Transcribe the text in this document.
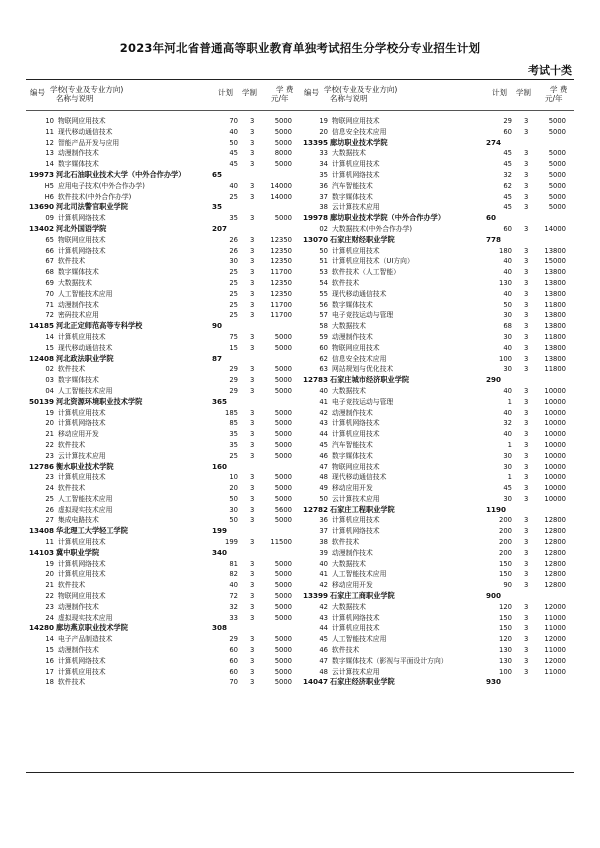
2023年河北省普通高等职业教育单独考试招生分学校分专业招生计划
考试十类
编号 学校(专业及专业方向)
名称与说明
计划 学制	学 费
元/年
10 物联网应用技术	70 3	5000
11 现代移动通信技术	40 3	5000
12 智能产品开发与应用	50 3	5000
13 动漫制作技术	45 3	8000
14 数字媒体技术	45 3	5000
19973 河北石油职业技术大学（中外合作办学）	65
H5 应用电子技术(中外合作办学)	40 3	14000
H6 软件技术(中外合作办学)	25 3	14000
13690 河北司法警官职业学院	35
09 计算机网络技术	35 3	5000
13402 河北外国语学院	207
65 物联网应用技术	26 3	12350
66 计算机网络技术	26 3	12350
67 软件技术	30 3	12350
68 数字媒体技术	25 3	11700
69 大数据技术	25 3	12350
70 人工智能技术应用	25 3	12350
71 动漫制作技术	25 3	11700
72 密码技术应用	25 3	11700
14185 河北正定师范高等专科学校	90
14 计算机应用技术	75 3	5000
15 现代移动通信技术	15 3	5000
12408 河北政法职业学院	87
02 软件技术	29 3	5000
03 数字媒体技术	29 3	5000
04 人工智能技术应用	29 3	5000
50139 河北资源环境职业技术学院	365
19 计算机应用技术	185 3	5000
20 计算机网络技术	85 3	5000
21 移动应用开发	35 3	5000
22 软件技术	35 3	5000
23 云计算技术应用	25 3	5000
12786 衡水职业技术学院	160
23 计算机应用技术	10 3	5000
24 软件技术	20 3	5000
25 人工智能技术应用	50 3	5000
26 虚拟现实技术应用	30 3	5600
27 集成电路技术	50 3	5000
13408 华北理工大学轻工学院	199
11 计算机应用技术	199 3	11500
14103 冀中职业学院	340
19 计算机网络技术	81 3	5000
20 计算机应用技术	82 3	5000
21 软件技术	40 3	5000
22 物联网应用技术	72 3	5000
23 动漫制作技术	32 3	5000
24 虚拟现实技术应用	33 3	5000
14280 廊坊燕京职业技术学院	308
14 电子产品制造技术	29 3	5000
15 动漫制作技术	60 3	5000
16 计算机网络技术	60 3	5000
17 计算机应用技术	60 3	5000
18 软件技术	70 3	5000
编号 学校(专业及专业方向)
名称与说明
计划 学制	学 费
元/年
19 物联网应用技术	29 3	5000
20 信息安全技术应用	60 3	5000
13395 廊坊职业技术学院	274
33 大数据技术	45 3	5000
34 计算机应用技术	45 3	5000
35 计算机网络技术	32 3	5000
36 汽车智能技术	62 3	5000
37 数字媒体技术	45 3	5000
38 云计算技术应用	45 3	5000
19978 廊坊职业技术学院（中外合作办学）	60
02 大数据技术(中外合作办学)	60 3	14000
13070 石家庄财经职业学院	778
50 计算机应用技术	180 3	13800
51 计算机应用技术（UI方向）	40 3	15000
53 软件技术（人工智能）	40 3	13800
54 软件技术	130 3	13800
55 现代移动通信技术	40 3	13800
56 数字媒体技术	50 3	11800
57 电子竞技运动与管理	30 3	13800
58 大数据技术	68 3	13800
59 动漫制作技术	30 3	11800
60 物联网应用技术	40 3	13800
62 信息安全技术应用	100 3	13800
63 网站规划与优化技术	30 3	11800
12783 石家庄城市经济职业学院	290
40 大数据技术	40 3	10000
41 电子竞技运动与管理	1 3	10000
42 动漫制作技术	40 3	10000
43 计算机网络技术	32 3	10000
44 计算机应用技术	40 3	10000
45 汽车智能技术	1 3	10000
46 数字媒体技术	30 3	10000
47 物联网应用技术	30 3	10000
48 现代移动通信技术	1 3	10000
49 移动应用开发	45 3	10000
50 云计算技术应用	30 3	10000
12782 石家庄工程职业学院	1190
36 计算机应用技术	200 3	12800
37 计算机网络技术	200 3	12800
38 软件技术	200 3	12800
39 动漫制作技术	200 3	12800
40 大数据技术	150 3	12800
41 人工智能技术应用	150 3	12800
42 移动应用开发	90 3	12800
13399 石家庄工商职业学院	900
42 大数据技术	120 3	12000
43 计算机网络技术	150 3	11000
44 计算机应用技术	150 3	11000
45 人工智能技术应用	120 3	12000
46 软件技术	130 3	11000
47 数字媒体技术（影视与平面设计方向）	130 3	12000
48 云计算技术应用	100 3	11000
14047 石家庄经济职业学院	930
